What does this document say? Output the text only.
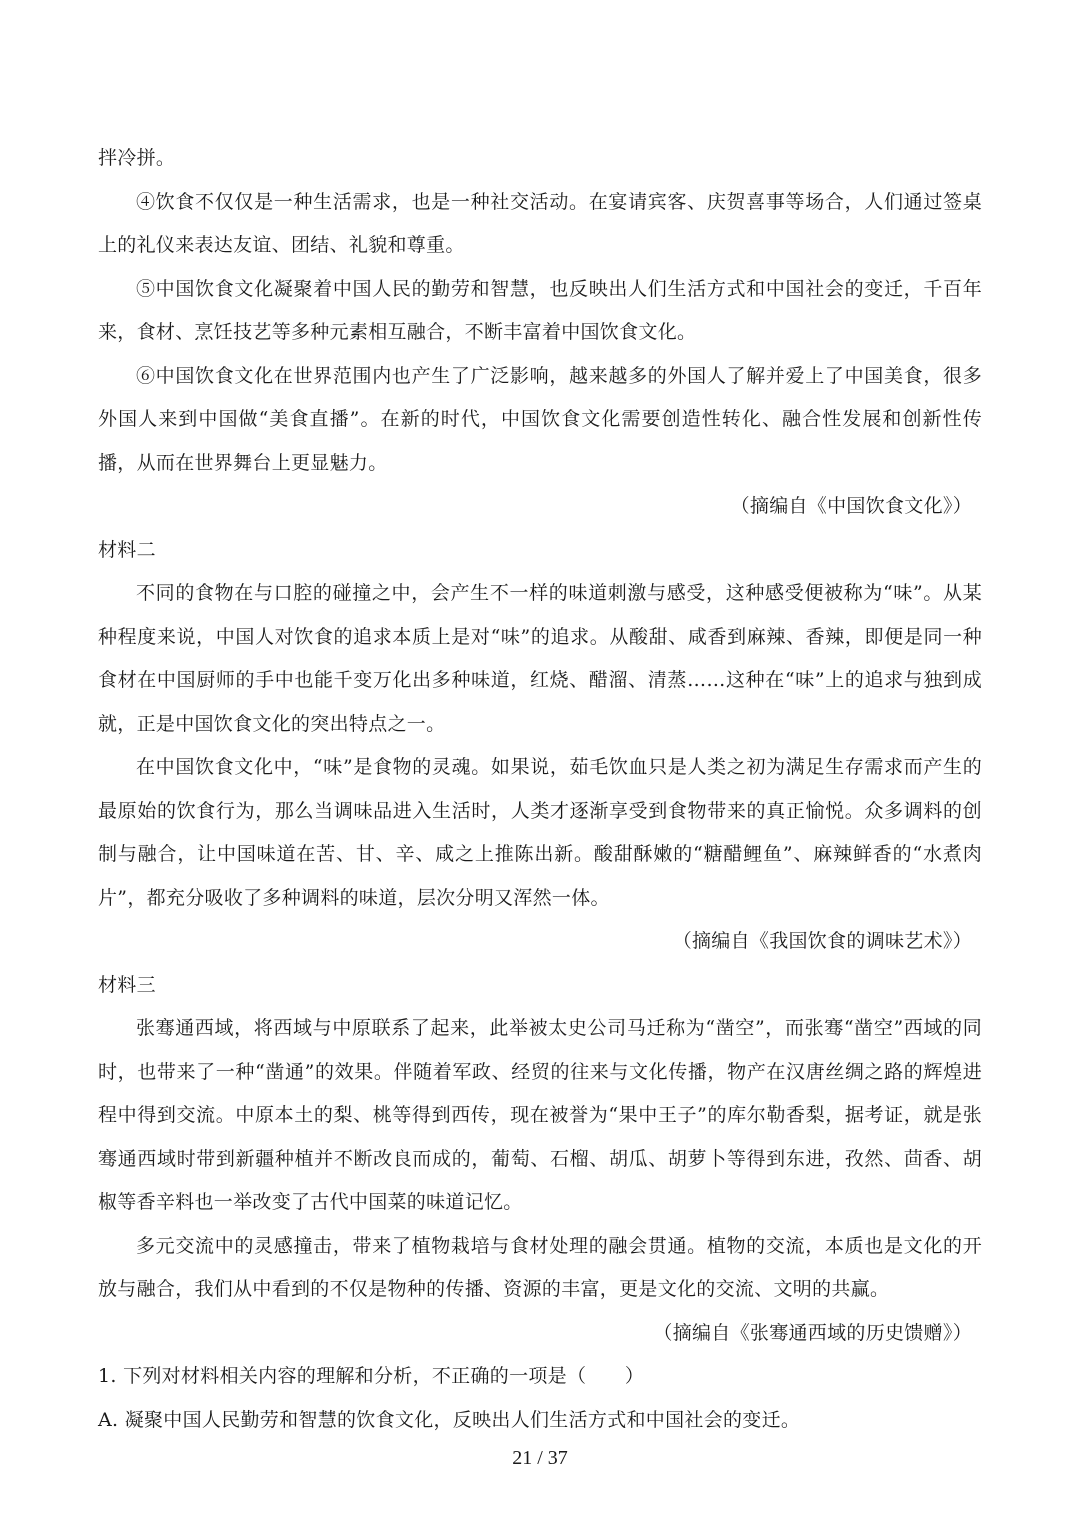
拌冷拼。

④饮食不仅仅是一种生活需求，也是一种社交活动。在宴请宾客、庆贺喜事等场合，人们通过签桌上的礼仪来表达友谊、团结、礼貌和尊重。

⑤中国饮食文化凝聚着中国人民的勤劳和智慧，也反映出人们生活方式和中国社会的变迁，千百年来，食材、烹饪技艺等多种元素相互融合，不断丰富着中国饮食文化。

⑥中国饮食文化在世界范围内也产生了广泛影响，越来越多的外国人了解并爱上了中国美食，很多外国人来到中国做“美食直播”。在新的时代，中国饮食文化需要创造性转化、融合性发展和创新性传播，从而在世界舞台上更显魅力。

（摘编自《中国饮食文化》）

材料二

不同的食物在与口腔的碰撞之中，会产生不一样的味道刺激与感受，这种感受便被称为“味”。从某种程度来说，中国人对饮食的追求本质上是对“味”的追求。从酸甜、咸香到麻辣、香辣，即便是同一种食材在中国厨师的手中也能千变万化出多种味道，红烧、醋溜、清蒸……这种在“味”上的追求与独到成就，正是中国饮食文化的突出特点之一。

在中国饮食文化中，“味”是食物的灵魂。如果说，茹毛饮血只是人类之初为满足生存需求而产生的最原始的饮食行为，那么当调味品进入生活时，人类才逐渐享受到食物带来的真正愉悦。众多调料的创制与融合，让中国味道在苦、甘、辛、咸之上推陈出新。酸甜酥嫩的“糖醋鲤鱼”、麻辣鲜香的“水煮肉片”，都充分吸收了多种调料的味道，层次分明又浑然一体。

（摘编自《我国饮食的调味艺术》）

材料三

张骞通西域，将西域与中原联系了起来，此举被太史公司马迁称为“凿空”，而张骞“凿空”西域的同时，也带来了一种“凿通”的效果。伴随着军政、经贸的往来与文化传播，物产在汉唐丝绸之路的辉煌进程中得到交流。中原本土的梨、桃等得到西传，现在被誉为“果中王子”的库尔勒香梨，据考证，就是张骞通西域时带到新疆种植并不断改良而成的，葡萄、石榴、胡瓜、胡萝卜等得到东进，孜然、茴香、胡椒等香辛料也一举改变了古代中国菜的味道记忆。

多元交流中的灵感撞击，带来了植物栽培与食材处理的融会贯通。植物的交流，本质也是文化的开放与融合，我们从中看到的不仅是物种的传播、资源的丰富，更是文化的交流、文明的共赢。

（摘编自《张骞通西域的历史馈赠》）

1. 下列对材料相关内容的理解和分析，不正确的一项是（　　）

A. 凝聚中国人民勤劳和智慧的饮食文化，反映出人们生活方式和中国社会的变迁。

21 / 37
